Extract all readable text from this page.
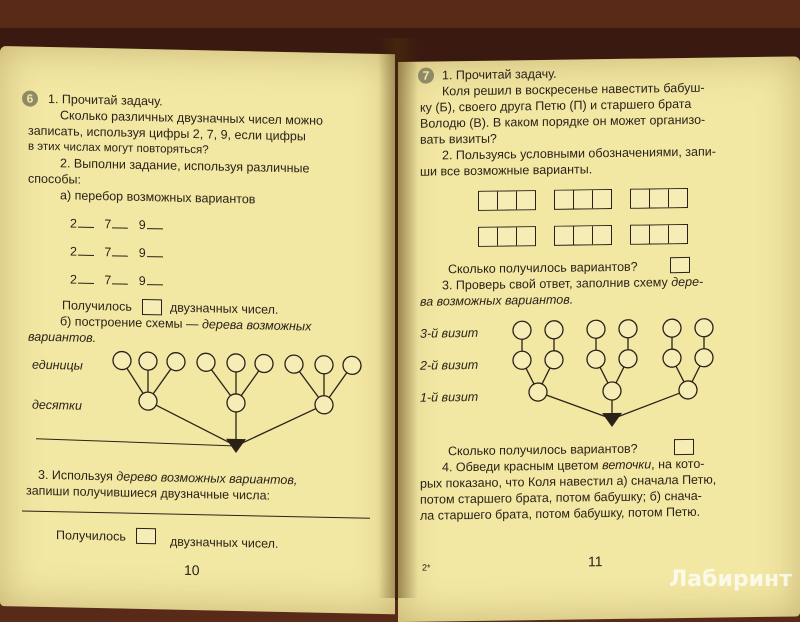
6	1. Прочитай задачу.
Сколько различных двузначных чисел можно
записать, используя цифры 2, 7, 9, если цифры
в этих числах могут повторяться?
2. Выполни задание, используя различные
способы:
а) перебор возможных вариантов
2 7 9
2 7 9
2 7 9
Получилось	двузначных чисел.
б) построение схемы — дерева возможных
вариантов.
единицы
десятки
3. Используя дерево возможных вариантов,
запиши получившиеся двузначные числа:
Получилось	двузначных чисел.
10
7	1. Прочитай задачу.
Коля решил в воскресенье навестить бабуш-
ку (Б), своего друга Петю (П) и старшего брата
Володю (В). В каком порядке он может организо-
вать визиты?
2. Пользуясь условными обозначениями, запи-
ши все возможные варианты.
Сколько получилось вариантов?
3. Проверь свой ответ, заполнив схему дере-
ва возможных вариантов.
3-й визит
2-й визит
1-й визит
Сколько получилось вариантов?
4. Обведи красным цветом веточки, на кото-
рых показано, что Коля навестил а) сначала Петю,
потом старшего брата, потом бабушку; б) снача-
ла старшего брата, потом бабушку, потом Петю.
2*	11
Лабиринт
